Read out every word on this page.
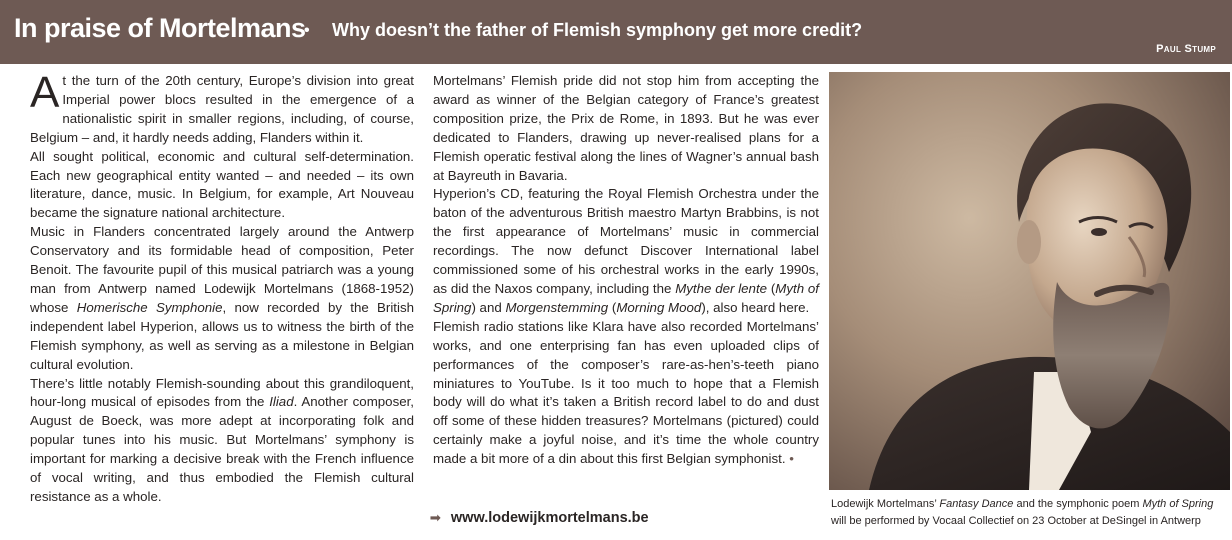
In praise of Mortelmans
• Why doesn’t the father of Flemish symphony get more credit?
Paul Stump

At the turn of the 20th century, Europe’s division into great Imperial power blocs resulted in the emergence of a nationalistic spirit in smaller regions, including, of course, Belgium – and, it hardly needs adding, Flanders within it.

All sought political, economic and cultural self-determination. Each new geographical entity wanted – and needed – its own literature, dance, music. In Belgium, for example, Art Nouveau became the signature national architecture.

Music in Flanders concentrated largely around the Antwerp Conservatory and its formidable head of composition, Peter Benoit. The favourite pupil of this musical patriarch was a young man from Antwerp named Lodewijk Mortelmans (1868-1952) whose Homerische Symphonie, now recorded by the British independent label Hyperion, allows us to witness the birth of the Flemish symphony, as well as serving as a milestone in Belgian cultural evolution.

There’s little notably Flemish-sounding about this grandiloquent, hour-long musical of episodes from the Iliad. Another composer, August de Boeck, was more adept at incorporating folk and popular tunes into his music. But Mortelmans’ symphony is important for marking a decisive break with the French influence of vocal writing, and thus embodied the Flemish cultural resistance as a whole.

Mortelmans’ Flemish pride did not stop him from accepting the award as winner of the Belgian category of France’s greatest composition prize, the Prix de Rome, in 1893. But he was ever dedicated to Flanders, drawing up never-realised plans for a Flemish operatic festival along the lines of Wagner’s annual bash at Bayreuth in Bavaria.

Hyperion’s CD, featuring the Royal Flemish Orchestra under the baton of the adventurous British maestro Martyn Brabbins, is not the first appearance of Mortelmans’ music in commercial recordings. The now defunct Discover International label commissioned some of his orchestral works in the early 1990s, as did the Naxos company, including the Mythe der lente (Myth of Spring) and Morgenstemming (Morning Mood), also heard here.

Flemish radio stations like Klara have also recorded Mortelmans’ works, and one enterprising fan has even uploaded clips of performances of the composer’s rare-as-hen’s-teeth piano miniatures to YouTube. Is it too much to hope that a Flemish body will do what it’s taken a British record label to do and dust off some of these hidden treasures? Mortelmans (pictured) could certainly make a joyful noise, and it’s time the whole country made a bit more of a din about this first Belgian symphonist. •

➟ www.lodewijkmortelmans.be
Lodewijk Mortelmans’ Fantasy Dance and the symphonic poem Myth of Spring will be performed by Vocaal Collectief on 23 October at DeSingel in Antwerp
